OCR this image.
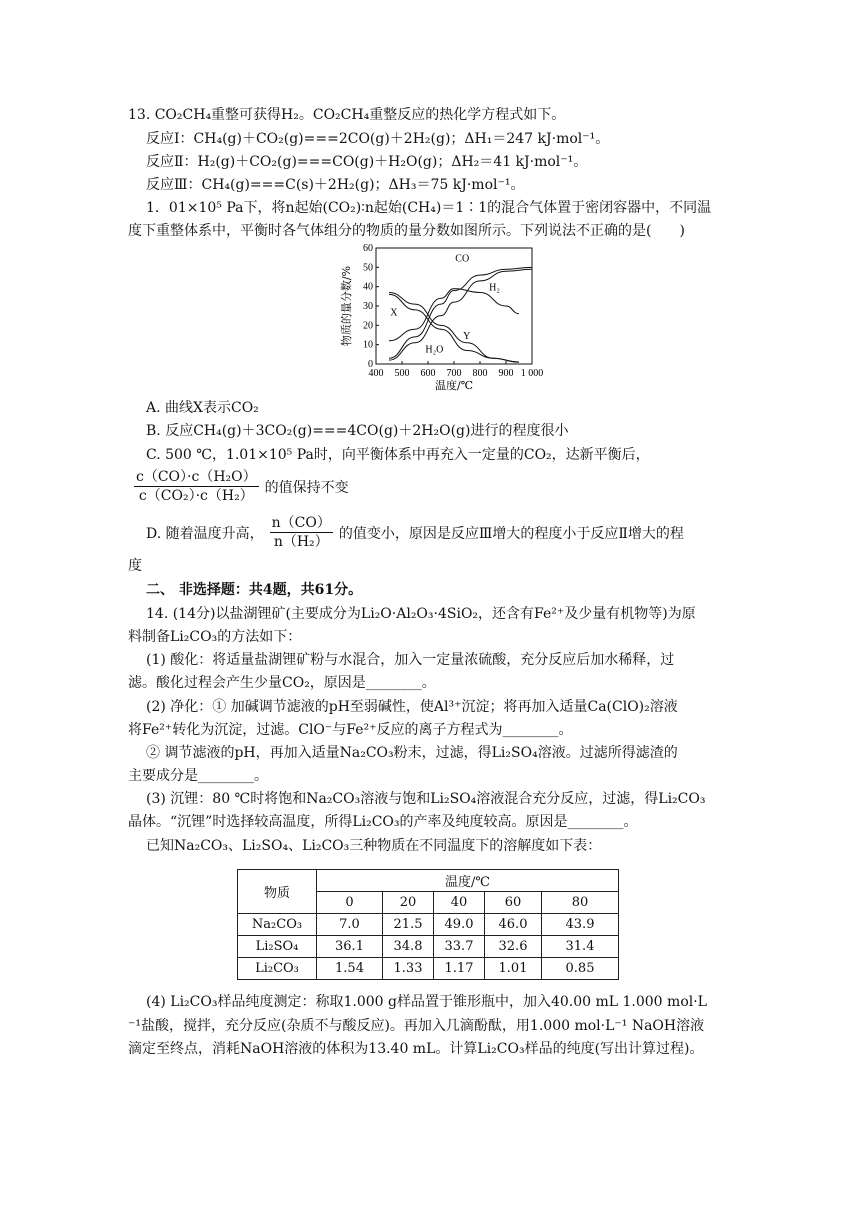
13. CO₂CH₄重整可获得H₂。CO₂CH₄重整反应的热化学方程式如下。
反应Ⅰ：CH₄(g)＋CO₂(g)===2CO(g)＋2H₂(g)；ΔH₁＝247 kJ·mol⁻¹。
反应Ⅱ：H₂(g)＋CO₂(g)===CO(g)＋H₂O(g)；ΔH₂＝41 kJ·mol⁻¹。
反应Ⅲ：CH₄(g)===C(s)＋2H₂(g)；ΔH₃＝75 kJ·mol⁻¹。
1．01×10⁵ Pa下，将n起始(CO₂)∶n起始(CH₄)＝1∶1的混合气体置于密闭容器中，不同温
度下重整体系中，平衡时各气体组分的物质的量分数如图所示。下列说法不正确的是(　　)
400 500 600 700 800 900 1 000
0
10
20
30
40
50
60
温度/℃
物质的量分数/%
CO
H₂
X
Y
H₂O
A. 曲线X表示CO₂
B. 反应CH₄(g)＋3CO₂(g)===4CO(g)＋2H₂O(g)进行的程度很小
C. 500 ℃，1.01×10⁵ Pa时，向平衡体系中再充入一定量的CO₂，达新平衡后，
$\frac{\text{c（CO）·c（H₂O）}}{\text{c（CO₂）·c（H₂）}}$ 的值保持不变
D. 随着温度升高， $\frac{n(CO)}{\text{n（H₂）}}$ 的值变小，原因是反应Ⅲ增大的程度小于反应Ⅱ增大的程
度
二、 非选择题：共4题，共61分。
14. (14分)以盐湖锂矿(主要成分为Li₂O·Al₂O₃·4SiO₂，还含有Fe²⁺及少量有机物等)为原
料制备Li₂CO₃的方法如下：
(1) 酸化：将适量盐湖锂矿粉与水混合，加入一定量浓硫酸，充分反应后加水稀释，过
滤。酸化过程会产生少量CO₂，原因是________。
(2) 净化：① 加碱调节滤液的pH至弱碱性，使Al³⁺沉淀；将再加入适量Ca(ClO)₂溶液
将Fe²⁺转化为沉淀，过滤。ClO⁻与Fe²⁺反应的离子方程式为________。
② 调节滤液的pH，再加入适量Na₂CO₃粉末，过滤，得Li₂SO₄溶液。过滤所得滤渣的
主要成分是________。
(3) 沉锂：80 ℃时将饱和Na₂CO₃溶液与饱和Li₂SO₄溶液混合充分反应，过滤，得Li₂CO₃
晶体。“沉锂”时选择较高温度，所得Li₂CO₃的产率及纯度较高。原因是________。
已知Na₂CO₃、Li₂SO₄、Li₂CO₃三种物质在不同温度下的溶解度如下表：
物质	温度/℃				
	0	20	40	60	80
Na₂CO₃	7.0	21.5	49.0	46.0	43.9
Li₂SO₄	36.1	34.8	33.7	32.6	31.4
Li₂CO₃	1.54	1.33	1.17	1.01	0.85
(4) Li₂CO₃样品纯度测定：称取1.000 g样品置于锥形瓶中，加入40.00 mL 1.000 mol·L
⁻¹盐酸，搅拌，充分反应(杂质不与酸反应)。再加入几滴酚酞，用1.000 mol·L⁻¹ NaOH溶液
滴定至终点，消耗NaOH溶液的体积为13.40 mL。计算Li₂CO₃样品的纯度(写出计算过程)。
